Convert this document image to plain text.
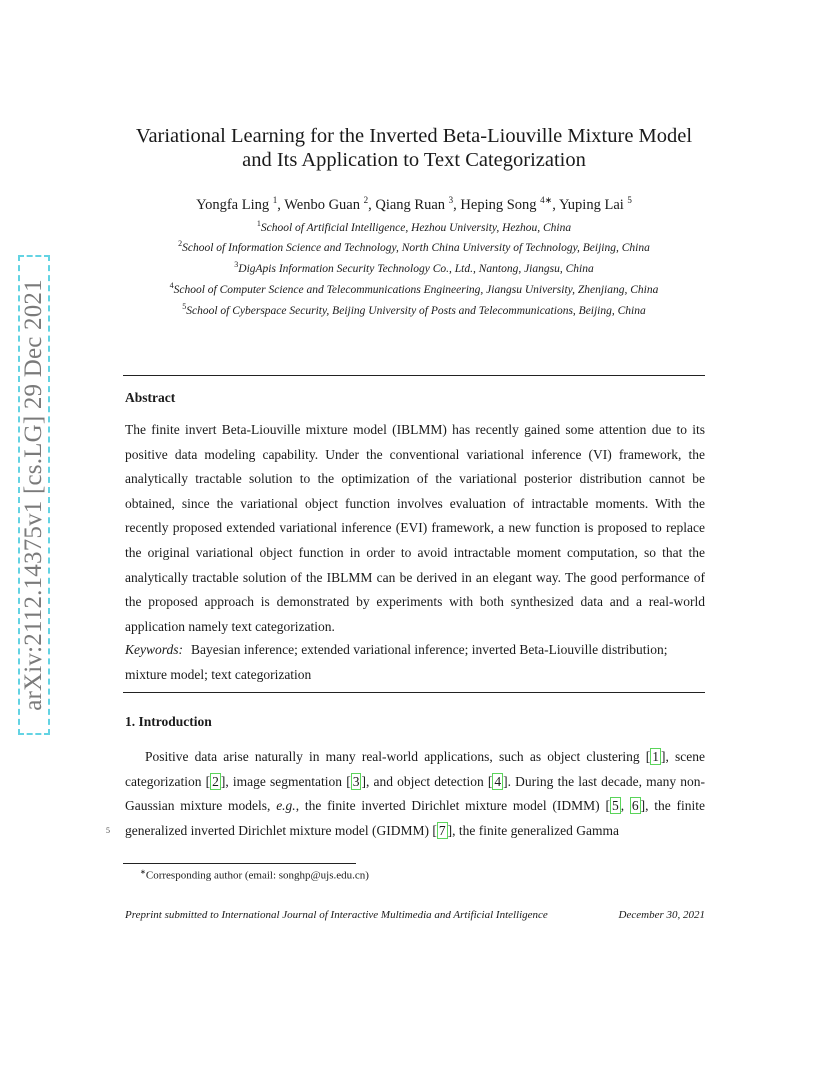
arXiv:2112.14375v1 [cs.LG] 29 Dec 2021
Variational Learning for the Inverted Beta-Liouville Mixture Model
and Its Application to Text Categorization
Yongfa Ling $^1$, Wenbo Guan $^2$, Qiang Ruan $^3$, Heping Song $^{4∗}$, Yuping Lai $^5$
$^1$School of Artificial Intelligence, Hezhou University, Hezhou, China
$^2$School of Information Science and Technology, North China University of Technology, Beijing, China
$^3$DigApis Information Security Technology Co., Ltd., Nantong, Jiangsu, China
$^4$School of Computer Science and Telecommunications Engineering, Jiangsu University, Zhenjiang, China
$^5$School of Cyberspace Security, Beijing University of Posts and Telecommunications, Beijing, China
Abstract

The finite invert Beta-Liouville mixture model (IBLMM) has recently gained some attention due to its positive data modeling capability. Under the conventional variational inference (VI) framework, the analytically tractable solution to the optimization of the variational posterior distribution cannot be obtained, since the variational object function involves evaluation of intractable moments. With the recently proposed extended variational inference (EVI) framework, a new function is proposed to replace the original variational object function in order to avoid intractable moment computation, so that the analytically tractable solution of the IBLMM can be derived in an elegant way. The good performance of the proposed approach is demonstrated by experiments with both synthesized data and a real-world application namely text categorization.

Keywords: Bayesian inference; extended variational inference; inverted Beta-Liouville distribution; mixture model; text categorization

1. Introduction

Positive data arise naturally in many real-world applications, such as object clustering [ 1 ], scene categorization [ 2 ], image segmentation [ 3 ], and object detection [ 4 ]. During the last decade, many non-Gaussian mixture models, e.g., the finite inverted Dirichlet mixture model (IDMM) [ 5 , 6 ], the finite generalized inverted Dirichlet mixture model (GIDMM) [ 7 ], the finite generalized Gamma

5
∗Corresponding author (email: songhp@ujs.edu.cn)
Preprint submitted to International Journal of Interactive Multimedia and Artificial Intelligence	December 30, 2021
